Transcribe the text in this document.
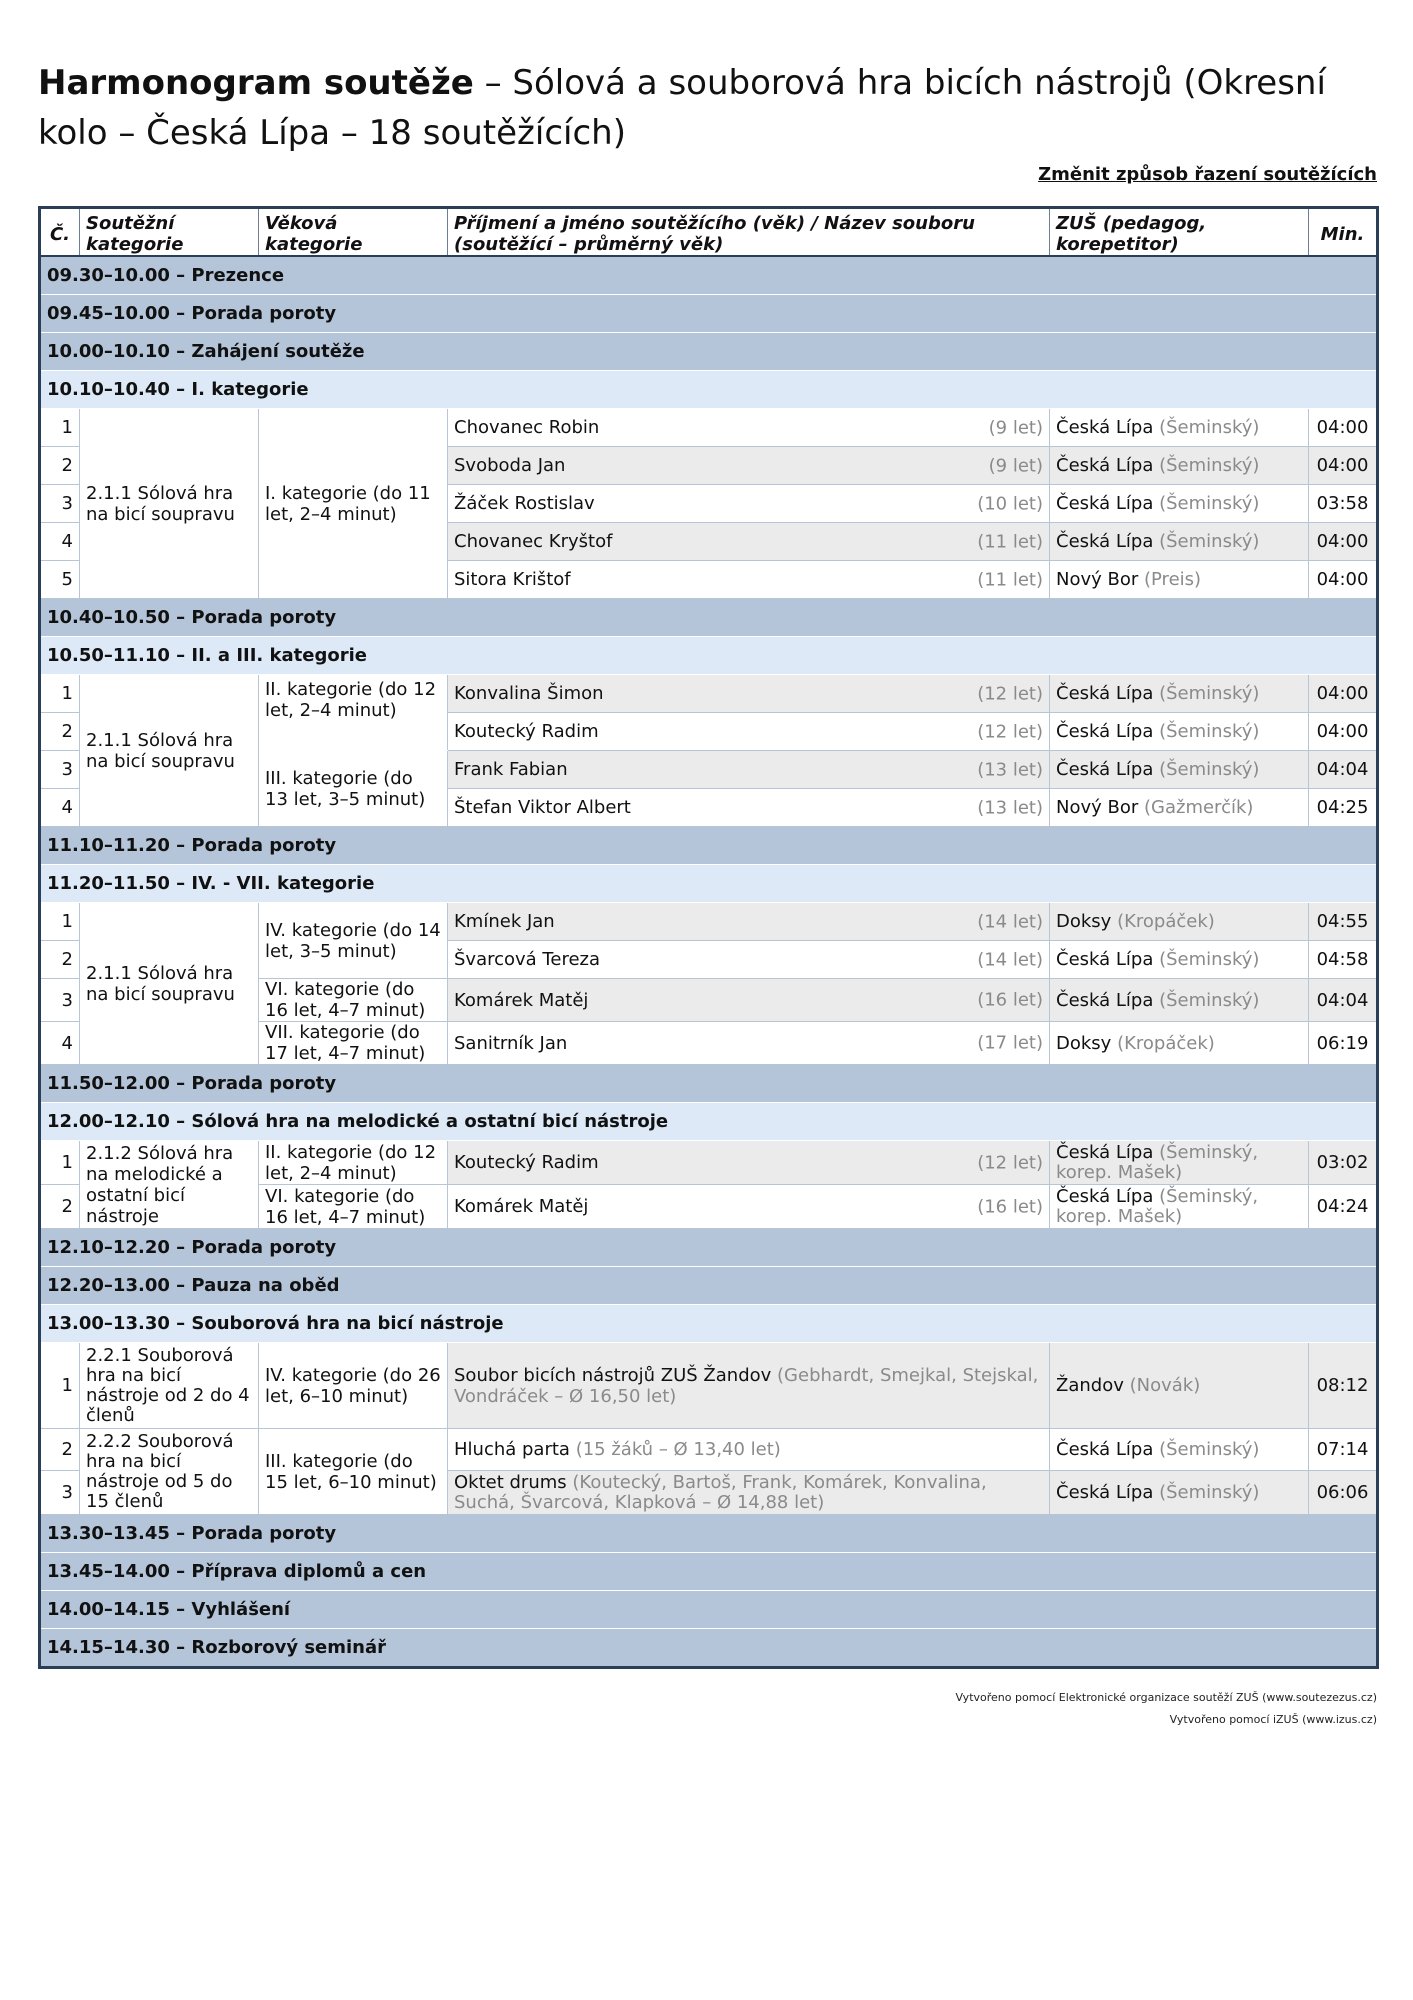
Harmonogram soutěže – Sólová a souborová hra bicích nástrojů (Okresní kolo – Česká Lípa – 18 soutěžících)
Změnit způsob řazení soutěžících
Č.	Soutěžní kategorie	Věková kategorie	Příjmení a jméno soutěžícího (věk) / Název souboru (soutěžící – průměrný věk)	ZUŠ (pedagog, korepetitor)	Min.
09.30–10.00 – Prezence					
09.45–10.00 – Porada poroty					
10.00–10.10 – Zahájení soutěže					
10.10–10.40 – I. kategorie					
1	2.1.1 Sólová hra na bicí soupravu	I. kategorie (do 11 let, 2–4 minut)	Chovanec Robin (9 let)	Česká Lípa (Šeminský)	04:00
2			Svoboda Jan (9 let)	Česká Lípa (Šeminský)	04:00
3			Žáček Rostislav (10 let)	Česká Lípa (Šeminský)	03:58
4			Chovanec Kryštof (11 let)	Česká Lípa (Šeminský)	04:00
5			Sitora Krištof (11 let)	Nový Bor (Preis)	04:00
10.40–10.50 – Porada poroty					
10.50–11.10 – II. a III. kategorie					
1	2.1.1 Sólová hra na bicí soupravu	II. kategorie (do 12 let, 2–4 minut)	Konvalina Šimon (12 let)	Česká Lípa (Šeminský)	04:00
2			Koutecký Radim (12 let)	Česká Lípa (Šeminský)	04:00
3		III. kategorie (do 13 let, 3–5 minut)	Frank Fabian (13 let)	Česká Lípa (Šeminský)	04:04
4			Štefan Viktor Albert (13 let)	Nový Bor (Gažmerčík)	04:25
11.10–11.20 – Porada poroty					
11.20–11.50 – IV. - VII. kategorie					
1	2.1.1 Sólová hra na bicí soupravu	IV. kategorie (do 14 let, 3–5 minut)	Kmínek Jan (14 let)	Doksy (Kropáček)	04:55
2			Švarcová Tereza (14 let)	Česká Lípa (Šeminský)	04:58
3		VI. kategorie (do 16 let, 4–7 minut)	Komárek Matěj (16 let)	Česká Lípa (Šeminský)	04:04
4		VII. kategorie (do 17 let, 4–7 minut)	Sanitrník Jan (17 let)	Doksy (Kropáček)	06:19
11.50–12.00 – Porada poroty					
12.00–12.10 – Sólová hra na melodické a ostatní bicí nástroje					
1	2.1.2 Sólová hra na melodické a ostatní bicí nástroje	II. kategorie (do 12 let, 2–4 minut)	Koutecký Radim (12 let)	Česká Lípa (Šeminský, korep. Mašek)	03:02
2		VI. kategorie (do 16 let, 4–7 minut)	Komárek Matěj (16 let)	Česká Lípa (Šeminský, korep. Mašek)	04:24
12.10–12.20 – Porada poroty					
12.20–13.00 – Pauza na oběd					
13.00–13.30 – Souborová hra na bicí nástroje					
1	2.2.1 Souborová hra na bicí nástroje od 2 do 4 členů	IV. kategorie (do 26 let, 6–10 minut)	Soubor bicích nástrojů ZUŠ Žandov (Gebhardt, Smejkal, Stejskal, Vondráček – Ø 16,50 let)	Žandov (Novák)	08:12
2	2.2.2 Souborová hra na bicí nástroje od 5 do 15 členů	III. kategorie (do 15 let, 6–10 minut)	Hluchá parta (15 žáků – Ø 13,40 let)	Česká Lípa (Šeminský)	07:14
3			Oktet drums (Koutecký, Bartoš, Frank, Komárek, Konvalina, Suchá, Švarcová, Klapková – Ø 14,88 let)	Česká Lípa (Šeminský)	06:06
13.30–13.45 – Porada poroty					
13.45–14.00 – Příprava diplomů a cen					
14.00–14.15 – Vyhlášení					
14.15–14.30 – Rozborový seminář					
Vytvořeno pomocí Elektronické organizace soutěží ZUŠ (www.soutezezus.cz)
Vytvořeno pomocí iZUŠ (www.izus.cz)
